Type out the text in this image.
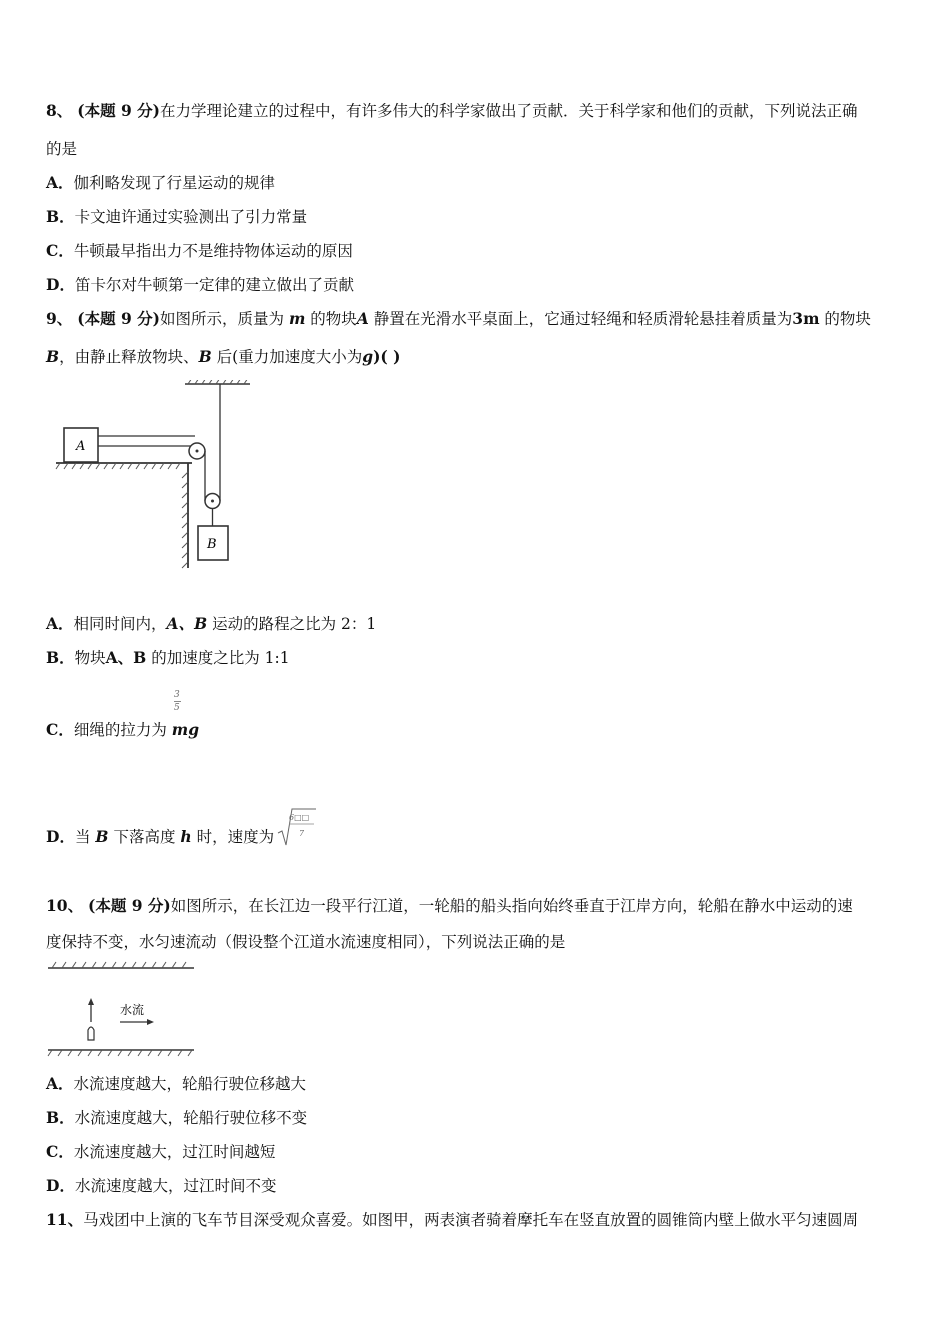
8、 (本题 9 分)在力学理论建立的过程中，有许多伟大的科学家做出了贡献．关于科学家和他们的贡献，下列说法正确
的是
A．伽利略发现了行星运动的规律
B．卡文迪许通过实验测出了引力常量
C．牛顿最早指出力不是维持物体运动的原因
D．笛卡尔对牛顿第一定律的建立做出了贡献
9、 (本题 9 分)如图所示，质量为 m 的物块A 静置在光滑水平桌面上，它通过轻绳和轻质滑轮悬挂着质量为3m 的物块
B，由静止释放物块、B 后(重力加速度大小为g)( )
A
B
A．相同时间内，A、B 运动的路程之比为 2：1
B．物块A、B 的加速度之比为 1:1
3
5
C．细绳的拉力为 mg
D．当 B 下落高度 h 时，速度为
6□□
7
10、 (本题 9 分)如图所示，在长江边一段平行江道，一轮船的船头指向始终垂直于江岸方向，轮船在静水中运动的速
度保持不变，水匀速流动（假设整个江道水流速度相同），下列说法正确的是
水流
A．水流速度越大，轮船行驶位移越大
B．水流速度越大，轮船行驶位移不变
C．水流速度越大，过江时间越短
D．水流速度越大，过江时间不变
11、马戏团中上演的飞车节目深受观众喜爱。如图甲，两表演者骑着摩托车在竖直放置的圆锥筒内壁上做水平匀速圆周
